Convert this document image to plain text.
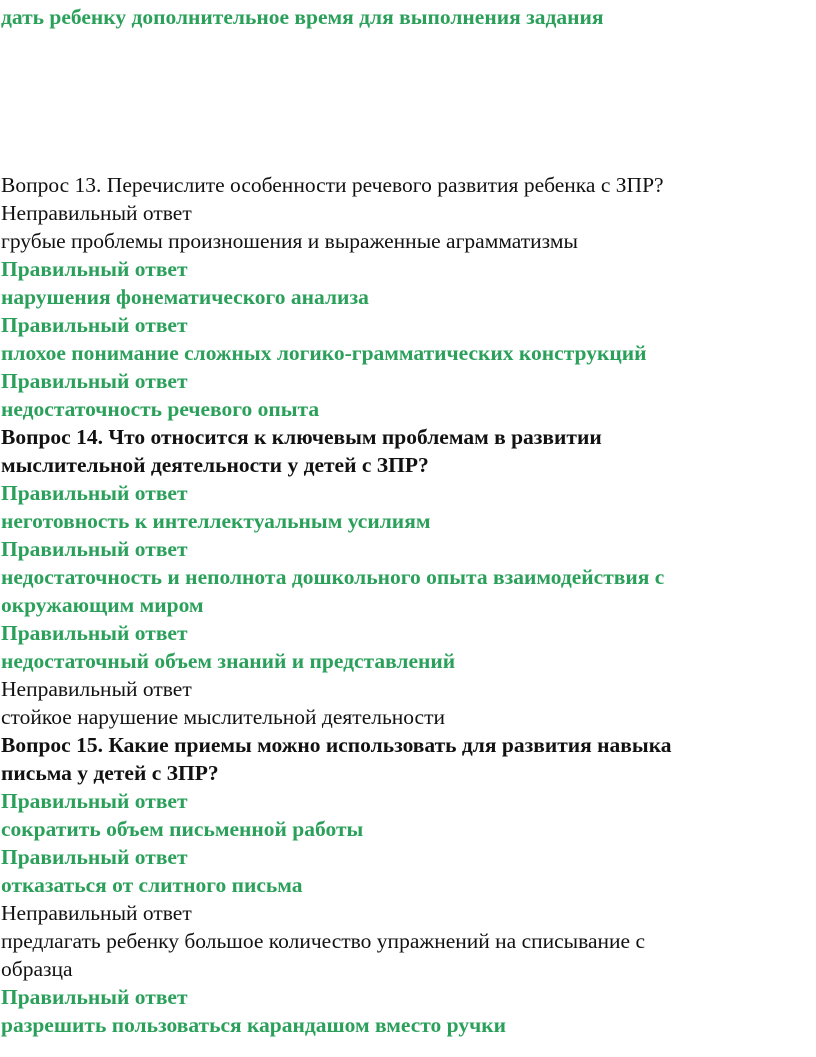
дать ребенку дополнительное время для выполнения задания

Вопрос 13. Перечислите особенности речевого развития ребенка с ЗПР?

Неправильный ответ

грубые проблемы произношения и выраженные аграмматизмы

Правильный ответ

нарушения фонематического анализа

Правильный ответ

плохое понимание сложных логико-грамматических конструкций

Правильный ответ

недостаточность речевого опыта

Вопрос 14. Что относится к ключевым проблемам в развитии

мыслительной деятельности у детей с ЗПР?

Правильный ответ

неготовность к интеллектуальным усилиям

Правильный ответ

недостаточность и неполнота дошкольного опыта взаимодействия с

окружающим миром

Правильный ответ

недостаточный объем знаний и представлений

Неправильный ответ

стойкое нарушение мыслительной деятельности

Вопрос 15. Какие приемы можно использовать для развития навыка

письма у детей с ЗПР?

Правильный ответ

сократить объем письменной работы

Правильный ответ

отказаться от слитного письма

Неправильный ответ

предлагать ребенку большое количество упражнений на списывание с

образца

Правильный ответ

разрешить пользоваться карандашом вместо ручки
